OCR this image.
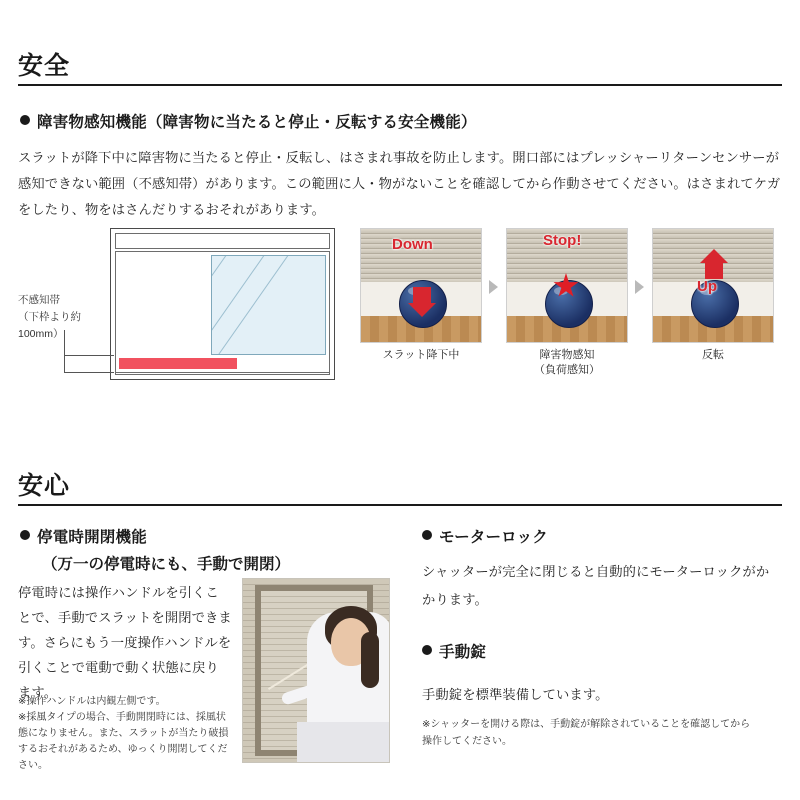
安全
障害物感知機能（障害物に当たると停止・反転する安全機能）
スラットが降下中に障害物に当たると停止・反転し、はさまれ事故を防止します。開口部にはプレッシャーリターンセンサーが感知できない範囲（不感知帯）があります。この範囲に人・物がないことを確認してから作動させてください。はさまれてケガをしたり、物をはさんだりするおそれがあります。
不感知帯
（下枠より約100mm）
Down
スラット降下中
Stop!
障害物感知
（負荷感知）
Up
反転
安心
停電時開閉機能
（万一の停電時にも、手動で開閉）
停電時には操作ハンドルを引くことで、手動でスラットを開閉できます。さらにもう一度操作ハンドルを引くことで電動で動く状態に戻ります。
※操作ハンドルは内観左側です。
※採風タイプの場合、手動開閉時には、採風状態になりません。また、スラットが当たり破損するおそれがあるため、ゆっくり開閉してください。
モーターロック
シャッターが完全に閉じると自動的にモーターロックがかかります。
手動錠
手動錠を標準装備しています。
※シャッターを開ける際は、手動錠が解除されていることを確認してから操作してください。
